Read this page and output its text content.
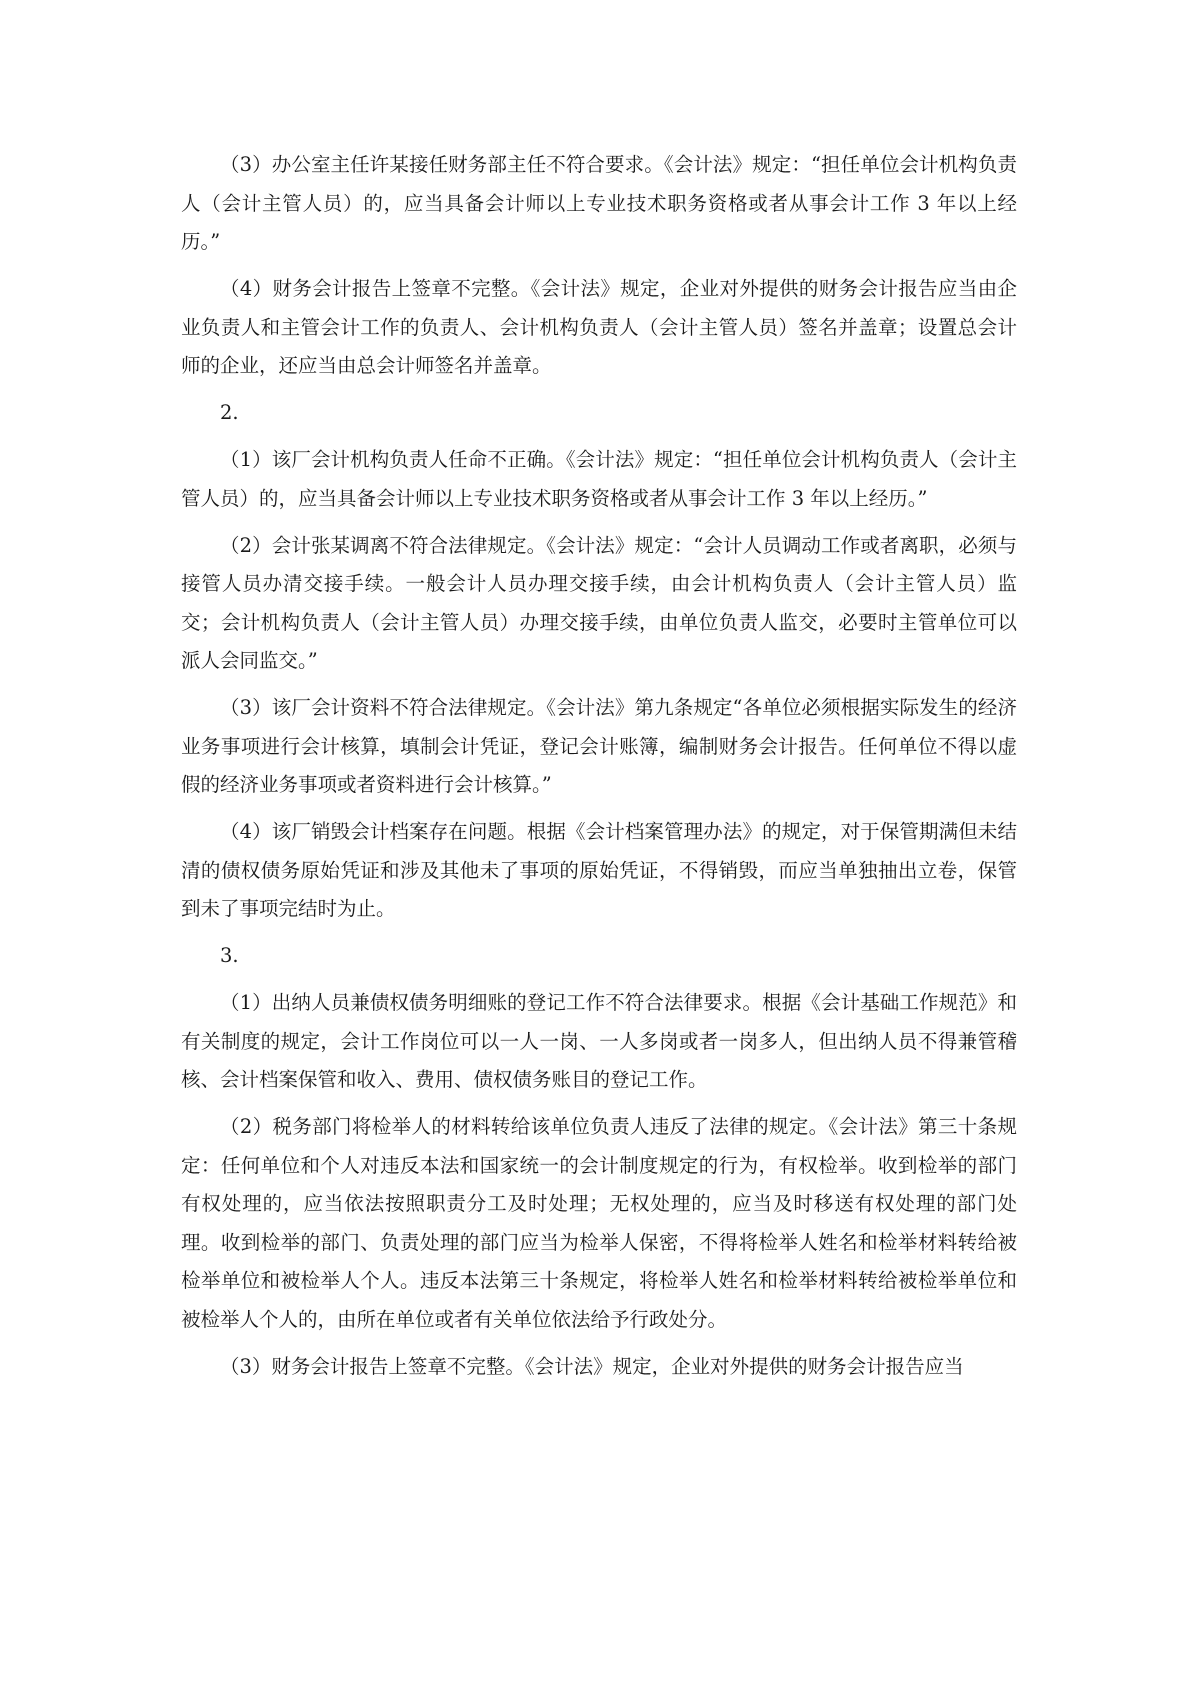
（3）办公室主任许某接任财务部主任不符合要求。《会计法》规定：“担任单位会计机构负责人（会计主管人员）的，应当具备会计师以上专业技术职务资格或者从事会计工作 3 年以上经历。”

（4）财务会计报告上签章不完整。《会计法》规定，企业对外提供的财务会计报告应当由企业负责人和主管会计工作的负责人、会计机构负责人（会计主管人员）签名并盖章；设置总会计师的企业，还应当由总会计师签名并盖章。

2.

（1）该厂会计机构负责人任命不正确。《会计法》规定：“担任单位会计机构负责人（会计主管人员）的，应当具备会计师以上专业技术职务资格或者从事会计工作 3 年以上经历。”

（2）会计张某调离不符合法律规定。《会计法》规定：“会计人员调动工作或者离职，必须与接管人员办清交接手续。一般会计人员办理交接手续，由会计机构负责人（会计主管人员）监交；会计机构负责人（会计主管人员）办理交接手续，由单位负责人监交，必要时主管单位可以派人会同监交。”

（3）该厂会计资料不符合法律规定。《会计法》第九条规定“各单位必须根据实际发生的经济业务事项进行会计核算，填制会计凭证，登记会计账簿，编制财务会计报告。任何单位不得以虚假的经济业务事项或者资料进行会计核算。”

（4）该厂销毁会计档案存在问题。根据《会计档案管理办法》的规定，对于保管期满但未结清的债权债务原始凭证和涉及其他未了事项的原始凭证，不得销毁，而应当单独抽出立卷，保管到未了事项完结时为止。

3.

（1）出纳人员兼债权债务明细账的登记工作不符合法律要求。根据《会计基础工作规范》和有关制度的规定，会计工作岗位可以一人一岗、一人多岗或者一岗多人，但出纳人员不得兼管稽核、会计档案保管和收入、费用、债权债务账目的登记工作。

（2）税务部门将检举人的材料转给该单位负责人违反了法律的规定。《会计法》第三十条规定：任何单位和个人对违反本法和国家统一的会计制度规定的行为，有权检举。收到检举的部门有权处理的，应当依法按照职责分工及时处理；无权处理的，应当及时移送有权处理的部门处理。收到检举的部门、负责处理的部门应当为检举人保密，不得将检举人姓名和检举材料转给被检举单位和被检举人个人。违反本法第三十条规定，将检举人姓名和检举材料转给被检举单位和被检举人个人的，由所在单位或者有关单位依法给予行政处分。

（3）财务会计报告上签章不完整。《会计法》规定，企业对外提供的财务会计报告应当
